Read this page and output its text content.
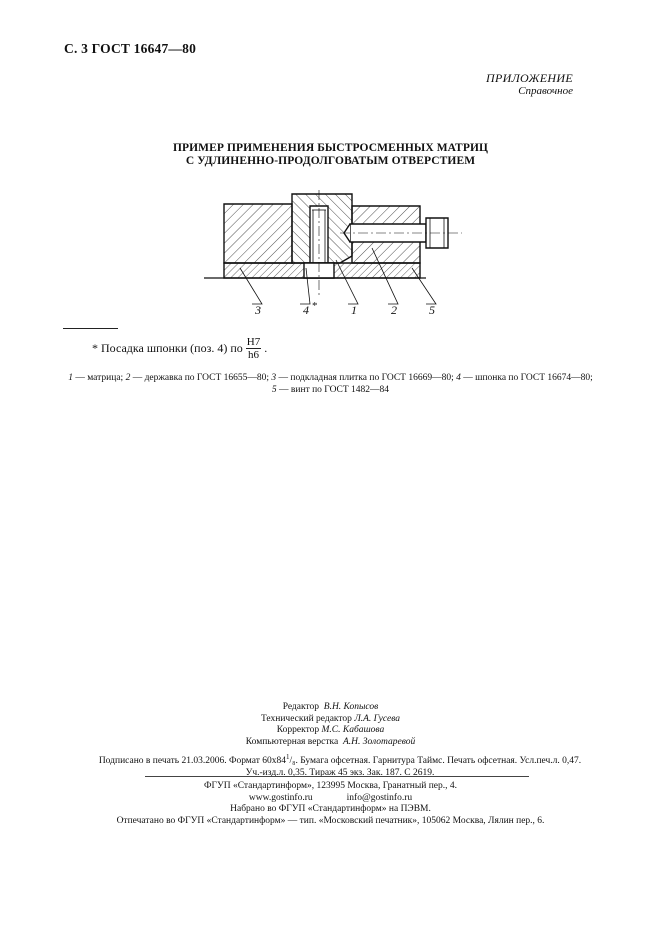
С. 3 ГОСТ 16647—80
ПРИЛОЖЕНИЕ
Справочное
ПРИМЕР ПРИМЕНЕНИЯ БЫСТРОСМЕННЫХ МАТРИЦ
С УДЛИНЕННО-ПРОДОЛГОВАТЫМ ОТВЕРСТИЕМ
3	4 *	1	2	5
* Посадка шпонки (поз. 4) по $\frac{H7}{h6}$ .
1 — матрица; 2 — державка по ГОСТ 16655—80; 3 — подкладная плитка по ГОСТ 16669—80; 4 — шпонка по ГОСТ 16674—80;
5 — винт по ГОСТ 1482—84
Редактор В.Н. Копысов
Технический редактор Л.А. Гусева
Корректор М.С. Кабашова
Компьютерная верстка А.Н. Золотаревой
Подписано в печать 21.03.2006. Формат $60x84^1/_8$. Бумага офсетная. Гарнитура Таймс. Печать офсетная. Усл.печ.л. 0,47.
Уч.-изд.л. 0,35. Тираж 45 экз. Зак. 187. С 2619.
ФГУП «Стандартинформ», 123995 Москва, Гранатный пер., 4.
www.gostinfo.ru	info@gostinfo.ru
Набрано во ФГУП «Стандартинформ» на ПЭВМ.
Отпечатано во ФГУП «Стандартинформ» — тип. «Московский печатник», 105062 Москва, Лялин пер., 6.
